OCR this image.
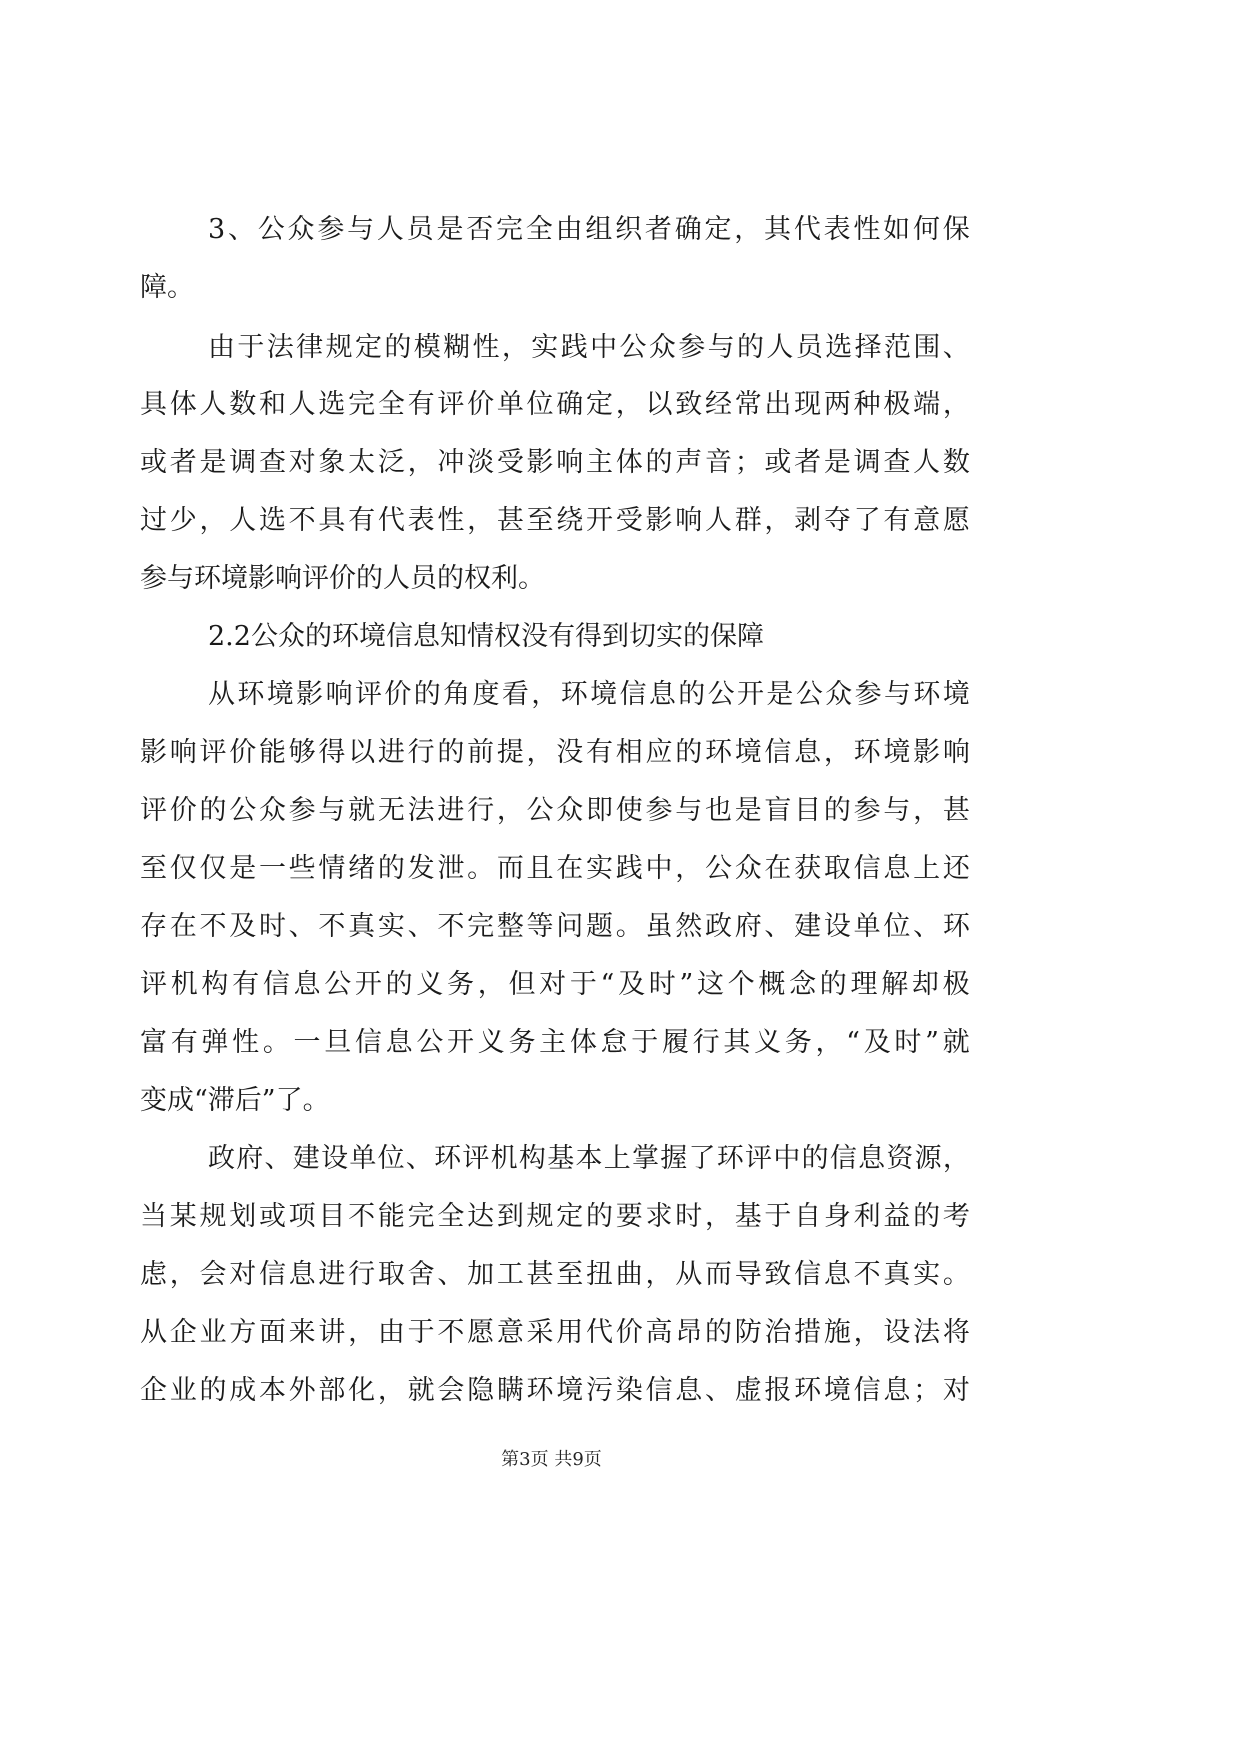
3 、 公 众 参 与 人 员 是 否 完 全 由 组 织 者 确 定 ， 其 代 表 性 如 何 保
障。
由 于 法 律 规 定 的 模 糊 性 ， 实 践 中 公 众 参 与 的 人 员 选 择 范 围 、
具 体 人 数 和 人 选 完 全 有 评 价 单 位 确 定 ， 以 致 经 常 出 现 两 种 极 端 ，
或 者 是 调 查 对 象 太 泛 ， 冲 淡 受 影 响 主 体 的 声 音 ； 或 者 是 调 查 人 数
过 少 ， 人 选 不 具 有 代 表 性 ， 甚 至 绕 开 受 影 响 人 群 ， 剥 夺 了 有 意 愿
参与环境影响评价的人员的权利。
2.2公众的环境信息知情权没有得到切实的保障
从 环 境 影 响 评 价 的 角 度 看 ， 环 境 信 息 的 公 开 是 公 众 参 与 环 境
影 响 评 价 能 够 得 以 进 行 的 前 提 ， 没 有 相 应 的 环 境 信 息 ， 环 境 影 响
评 价 的 公 众 参 与 就 无 法 进 行 ， 公 众 即 使 参 与 也 是 盲 目 的 参 与 ， 甚
至 仅 仅 是 一 些 情 绪 的 发 泄 。 而 且 在 实 践 中 ， 公 众 在 获 取 信 息 上 还
存 在 不 及 时 、 不 真 实 、 不 完 整 等 问 题 。 虽 然 政 府 、 建 设 单 位 、 环
评 机 构 有 信 息 公 开 的 义 务 ， 但 对 于 “ 及 时 ” 这 个 概 念 的 理 解 却 极
富 有 弹 性 。 一 旦 信 息 公 开 义 务 主 体 怠 于 履 行 其 义 务 ， “ 及 时 ” 就
变成“滞后”了。
政 府 、 建 设 单 位 、 环 评 机 构 基 本 上 掌 握 了 环 评 中 的 信 息 资 源 ，
当 某 规 划 或 项 目 不 能 完 全 达 到 规 定 的 要 求 时 ， 基 于 自 身 利 益 的 考
虑 ， 会 对 信 息 进 行 取 舍 、 加 工 甚 至 扭 曲 ， 从 而 导 致 信 息 不 真 实 。
从 企 业 方 面 来 讲 ， 由 于 不 愿 意 采 用 代 价 高 昂 的 防 治 措 施 ， 设 法 将
企 业 的 成 本 外 部 化 ， 就 会 隐 瞒 环 境 污 染 信 息 、 虚 报 环 境 信 息 ； 对
第3页 共9页
